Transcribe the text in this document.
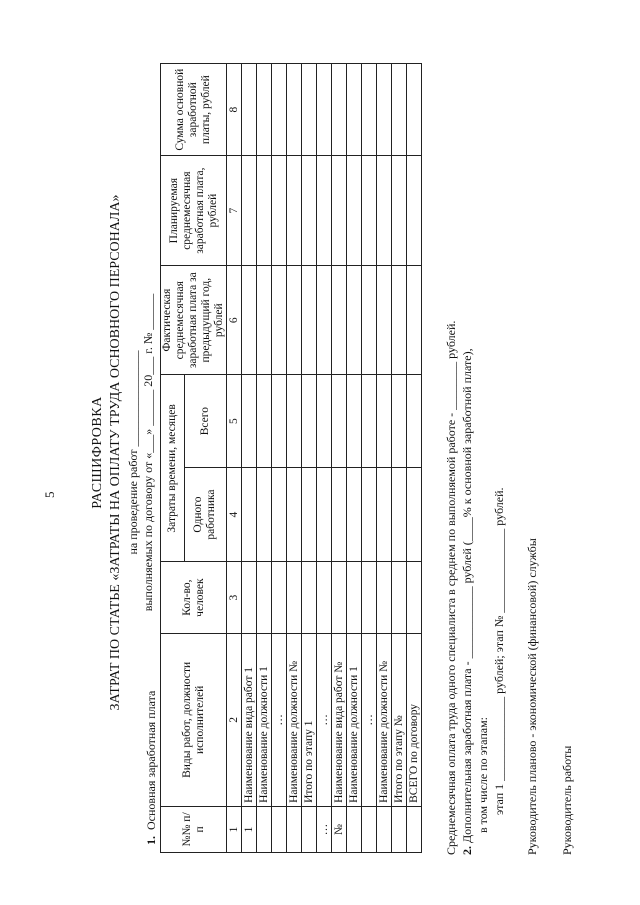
5 РАСШИФРОВКА ЗАТРАТ ПО СТАТЬЕ «ЗАТРАТЫ НА ОПЛАТУ ТРУДА ОСНОВНОГО ПЕРСОНАЛА» на проведение работ ________________ выполняемых по договору от «___» ______ 20___ г. № ______
1.Основная заработная плата №№ п/п	Виды работ, должности исполнителей	Кол-во, человек	Затраты времени, месяцев		Фактическая среднемесячная заработная плата за предыдущий год, рублей	Планируемая среднемесячная заработная плата, рублей	Сумма основной заработной платы, рублей
			Одного работника	Всего			
1	2	3	4	5	6	7	8
1	Наименование вида работ 1						
	Наименование должности 1						
	…						
	Наименование должности №						
	Итого по этапу 1						
…	…						
№	Наименование вида работ №						
	Наименование должности 1						
	…						
	Наименование должности №						
	Итого по этапу №						
	ВСЕГО по договору						Среднемесячная оплата труда одного специалиста в среднем по выполняемой работе - ________ рублей. 2. Дополнительная заработная плата - ____________ рублей (____% к основной заработной плате), в том числе по этапам: этап 1 ______________ рублей; этап № ______________ рублей. Руководитель планово - экономической (финансовой) службы Руководитель работы
